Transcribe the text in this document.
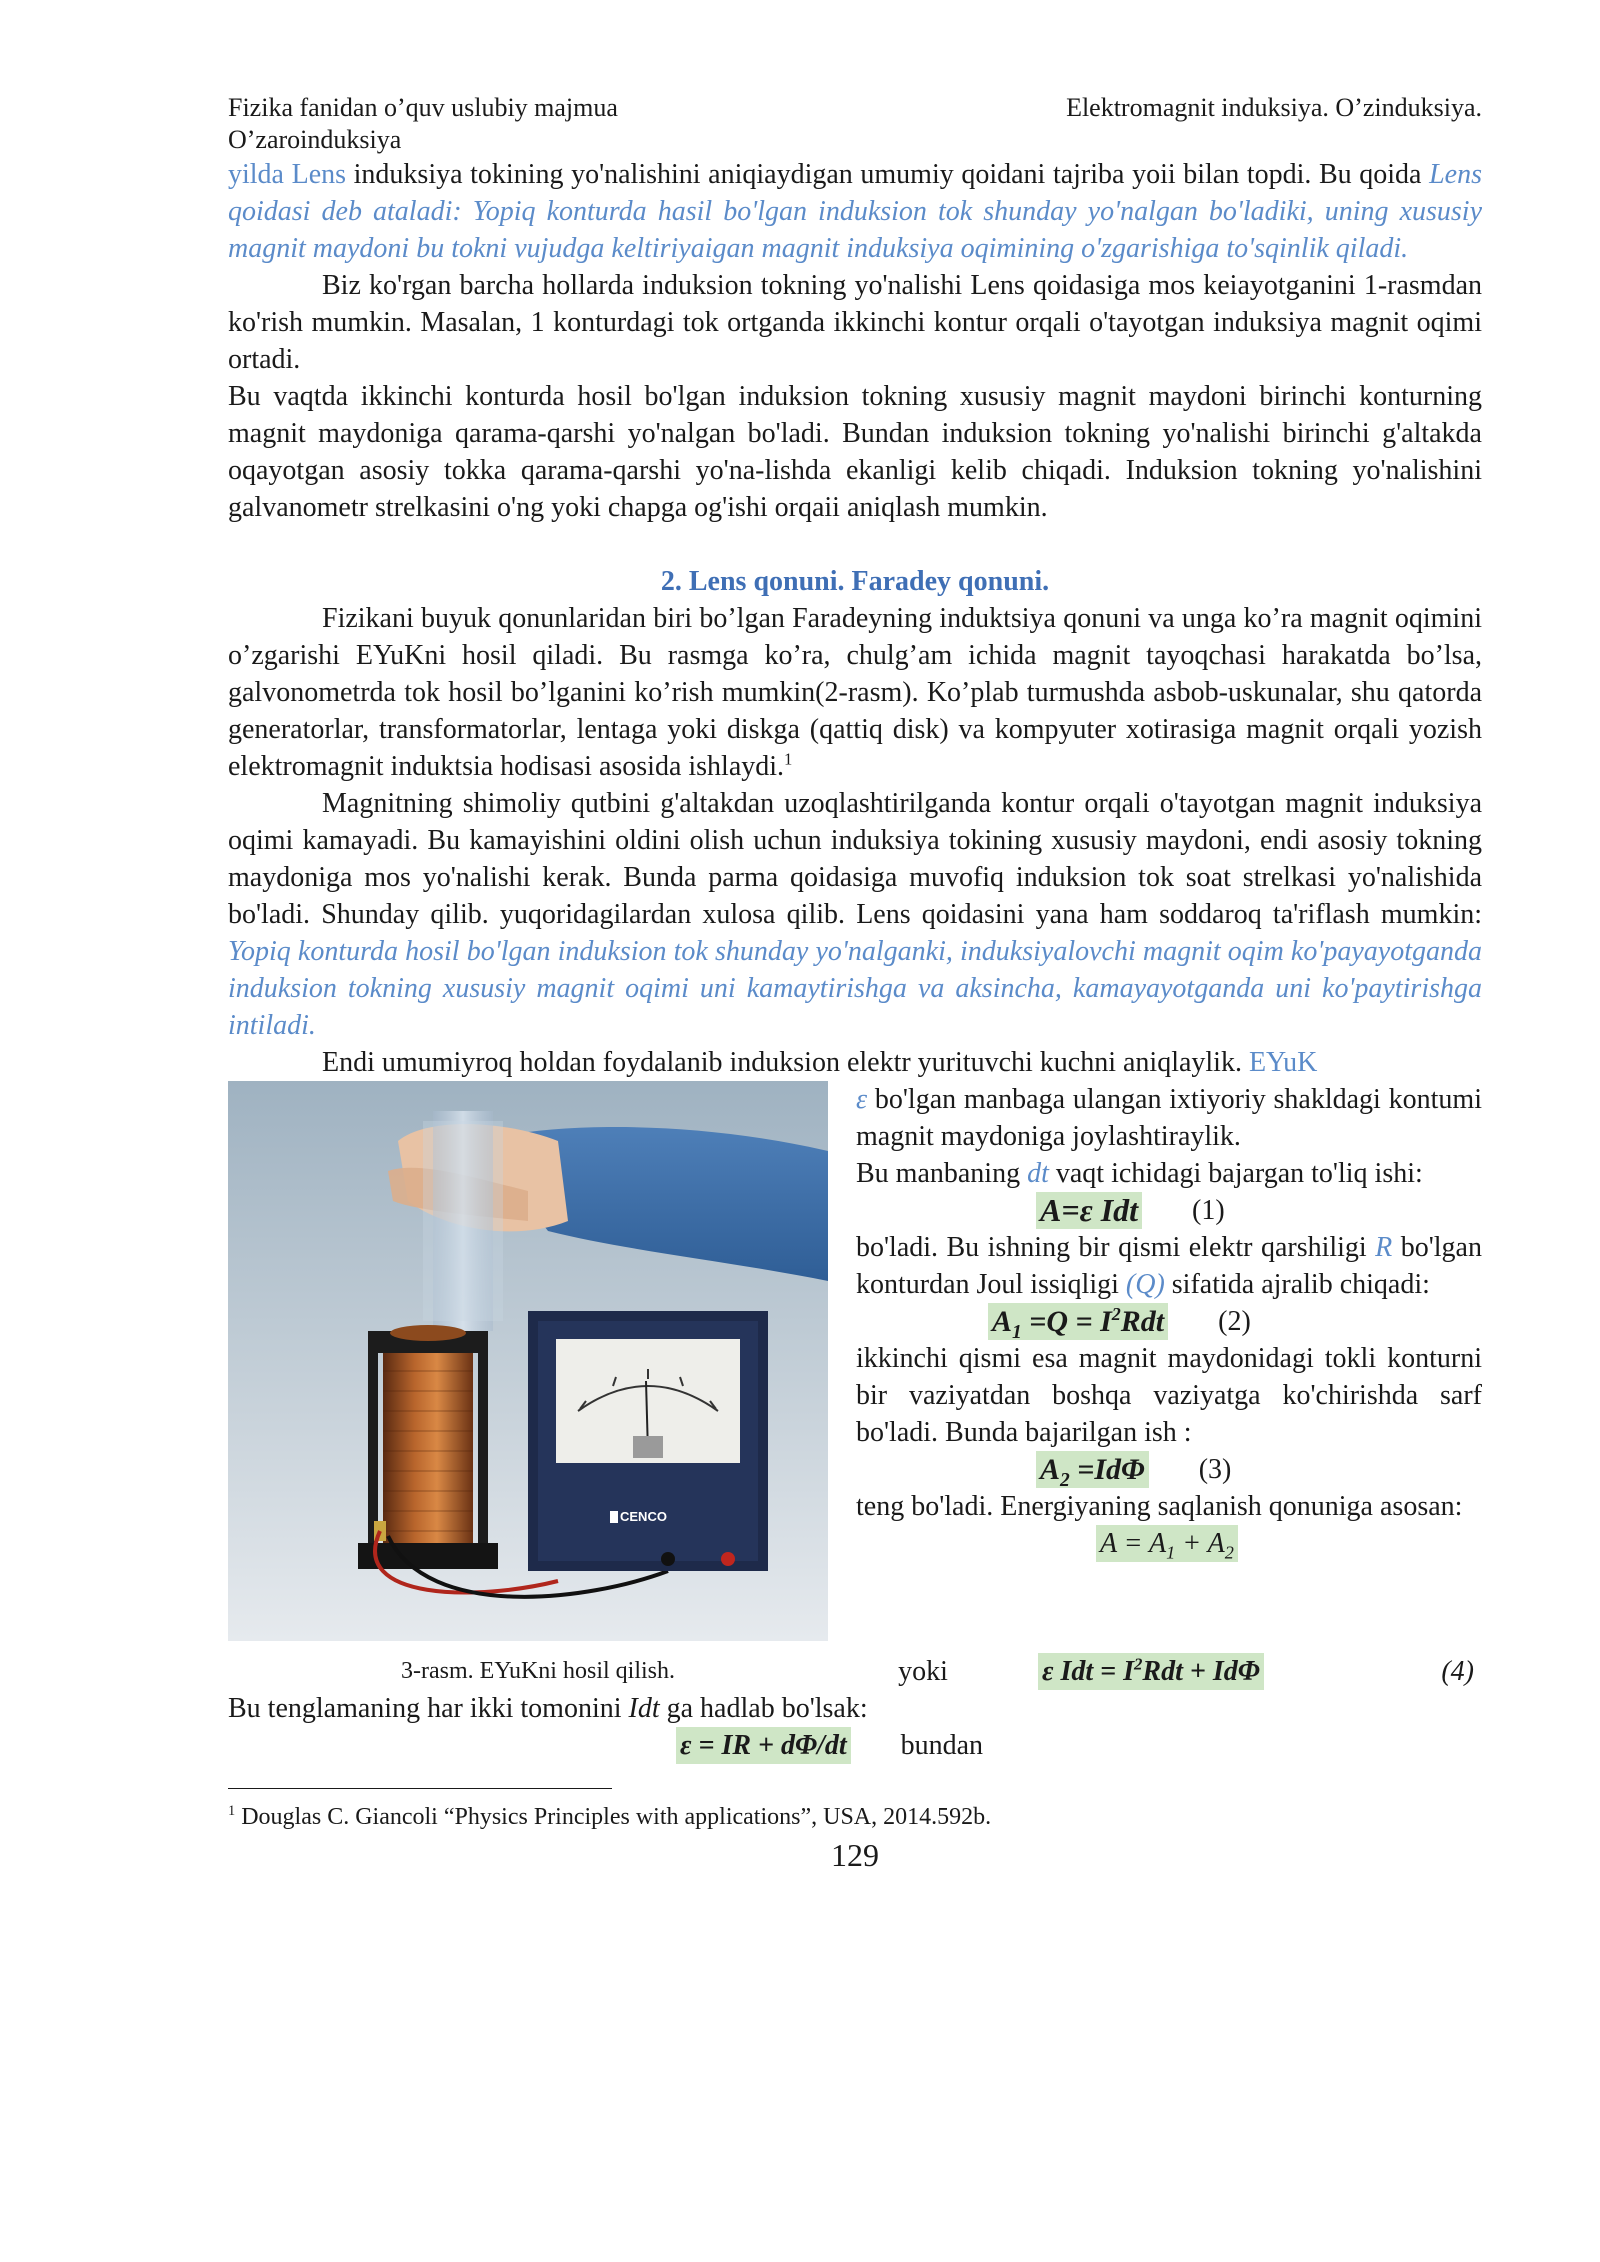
Fizika fanidan o’quv uslubiy majmua	Elektromagnit induksiya. O’zinduksiya.
O’zaroinduksiya

yilda Lens induksiya tokining yo'nalishini aniqiaydigan umumiy qoidani tajriba yoii bilan topdi. Bu qoida Lens qoidasi deb ataladi: Yopiq konturda hasil bo'lgan induksion tok shunday yo'nalgan bo'ladiki, uning xususiy magnit maydoni bu tokni vujudga keltiriyaigan magnit induksiya oqimining o'zgarishiga to'sqinlik qiladi.

Biz ko'rgan barcha hollarda induksion tokning yo'nalishi Lens qoidasiga mos keiayotganini 1-rasmdan ko'rish mumkin. Masalan, 1 konturdagi tok ortganda ikkinchi kontur orqali o'tayotgan induksiya magnit oqimi ortadi.

Bu vaqtda ikkinchi konturda hosil bo'lgan induksion tokning xususiy magnit maydoni birinchi konturning magnit maydoniga qarama-qarshi yo'nalgan bo'ladi. Bundan induksion tokning yo'nalishi birinchi g'altakda oqayotgan asosiy tokka qarama-qarshi yo'na-lishda ekanligi kelib chiqadi. Induksion tokning yo'nalishini galvanometr strelkasini o'ng yoki chapga og'ishi orqaii aniqlash mumkin.

2. Lens qonuni. Faradey qonuni.

Fizikani buyuk qonunlaridan biri bo’lgan Faradeyning induktsiya qonuni va unga ko’ra magnit oqimini o’zgarishi EYuKni hosil qiladi. Bu rasmga ko’ra, chulg’am ichida magnit tayoqchasi harakatda bo’lsa, galvonometrda tok hosil bo’lganini ko’rish mumkin(2-rasm). Ko’plab turmushda asbob-uskunalar, shu qatorda generatorlar, transformatorlar, lentaga yoki diskga (qattiq disk) va kompyuter xotirasiga magnit orqali yozish elektromagnit induktsia hodisasi asosida ishlaydi.$^1$

Magnitning shimoliy qutbini g'altakdan uzoqlashtirilganda kontur orqali o'tayotgan magnit induksiya oqimi kamayadi. Bu kamayishini oldini olish uchun induksiya tokining xususiy maydoni, endi asosiy tokning maydoniga mos yo'nalishi kerak. Bunda parma qoidasiga muvofiq induksion tok soat strelkasi yo'nalishida bo'ladi. Shunday qilib. yuqoridagilardan xulosa qilib. Lens qoidasini yana ham soddaroq ta'riflash mumkin: Yopiq konturda hosil bo'lgan induksion tok shunday yo'nalganki, induksiyalovchi magnit oqim ko'payayotganda induksion tokning xususiy magnit oqimi uni kamaytirishga va aksincha, kamayayotganda uni ko'paytirishga intiladi.

Endi umumiyroq holdan foydalanib induksion elektr yurituvchi kuchni aniqlaylik. EYuK

CENCO

ε bo'lgan manbaga ulangan ixtiyoriy shakldagi kontumi magnit maydoniga joylashtiraylik.

Bu manbaning dt vaqt ichidagi bajargan to'liq ishi:

A=ε Idt (1)

bo'ladi. Bu ishning bir qismi elektr qarshiligi R bo'lgan konturdan Joul issiqligi (Q) sifatida ajralib chiqadi:

$A_1 =Q = I^2Rdt$ (2)

ikkinchi qismi esa magnit maydonidagi tokli konturni bir vaziyatdan boshqa vaziyatga ko'chirishda sarf bo'ladi. Bunda bajarilgan ish :

$A_2 =Id\Phi$ (3)

teng bo'ladi. Energiyaning saqlanish qonuniga asosan:

$A = A_1 + A_2$
3-rasm. EYuKni hosil qilish.	yoki	ε Idt = $I^2Rdt + Id\Phi$	(4)

Bu tenglamaning har ikki tomonini Idt ga hadlab bo'lsak:

ε = IR + dΦ/dt bundan
$^1$ Douglas C. Giancoli “Physics Principles with applications”, USA, 2014.592b.
129
